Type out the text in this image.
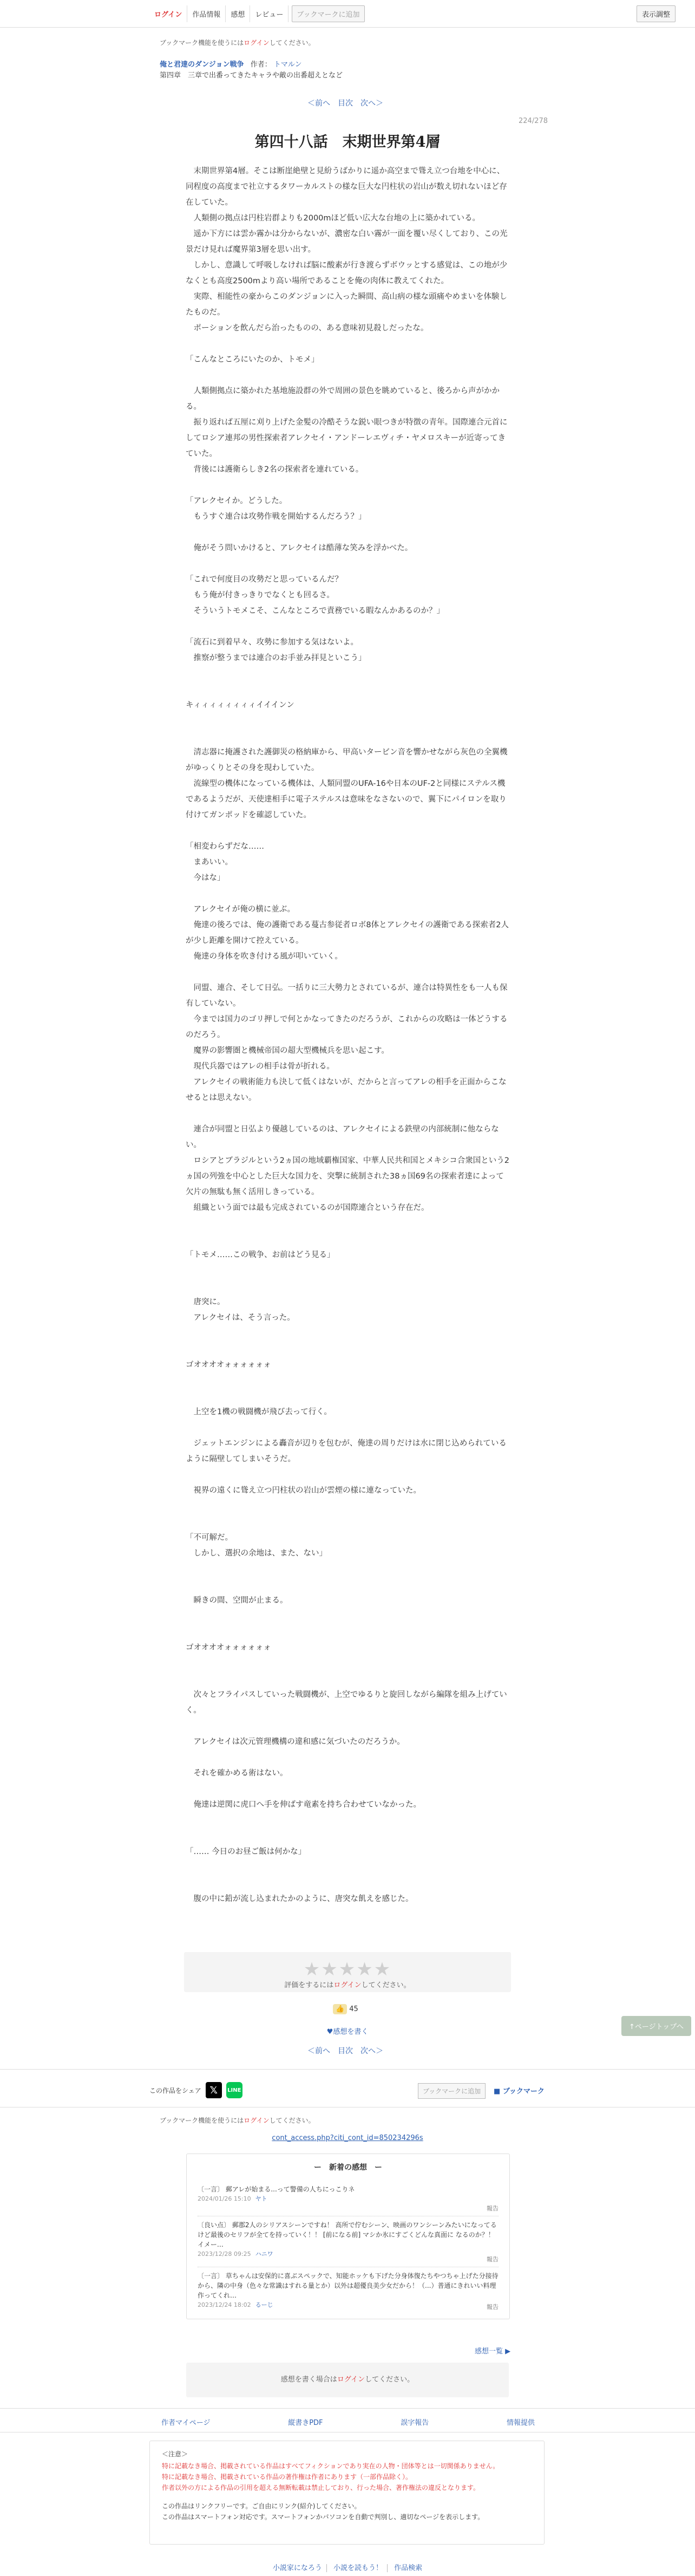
ログイン	作品情報	感想	レビュー	ブックマークに追加	表示調整
ブックマーク機能を使うにはログインしてください。
俺と君達のダンジョン戦争 作者： トマルン
第四章　三章で出番ってきたキャラや敵の出番超えとなど
＜前へ 目次 次へ＞
224/278
第四十八話　末期世界第4層

　末期世界第4層。そこは断崖絶壁と見紛うばかりに遥か高空まで聳え立つ台地を中心に、同程度の高度まで社立するタワーカルストの様な巨大な円柱状の岩山が数え切れないほど存在していた。

　人類側の拠点は円柱岩群よりも2000mほど低い広大な台地の上に築かれている。

　遥か下方には雲か霧かは分からないが、濃密な白い霧が一面を覆い尽くしており、この光景だけ見れば魔界第3層を思い出す。

　しかし、意識して呼吸しなければ脳に酸素が行き渡らずボウッとする感覚は、この地が少なくとも高度2500mより高い場所であることを俺の肉体に教えてくれた。

　実際、相能性の豪からこのダンジョンに入った瞬間、高山病の様な頭痛やめまいを体験したものだ。

　ポーションを飲んだら治ったものの、ある意味初見殺しだったな。

「こんなところにいたのか、トモメ」

　人類側拠点に築かれた基地施設群の外で周囲の景色を眺めていると、後ろから声がかかる。

　振り返れば五厘に刈り上げた金髪の冷酷そうな鋭い眼つきが特徴の青年。国際連合元首にしてロシア連邦の男性探索者アレクセイ・アンドーレエヴィチ・ヤメロスキーが近寄ってきていた。

　背後には護衛らしき2名の探索者を連れている。

「アレクセイか。どうした。

　もうすぐ連合は攻勢作戦を開始するんだろう？」

　俺がそう問いかけると、アレクセイは酷薄な笑みを浮かべた。

「これで何度目の攻勢だと思っているんだ？

　もう俺が付きっきりでなくとも回るさ。

　そういうトモメこそ、こんなところで責務でいる暇なんかあるのか？」

「流石に到着早々、攻勢に参加する気はないよ。

　推察が整うまでは連合のお手並み拝見といこう」

キィィィィィィィィイイインン

　清志器に掩護された護御災の格納庫から、甲高いタービン音を響かせながら灰色の全翼機がゆっくりとその身を現わしていた。

　流線型の機体になっている機体は、人類同盟のUFA-16や日本のUF-2と同様にステルス機であるようだが、天使達相手に電子ステルスは意味をなさないので、翼下にパイロンを取り付けてガンポッドを確認していた。

「相変わらずだな……

　まあいい。

　今はな」

　アレクセイが俺の横に並ぶ。

　俺達の後ろでは、俺の護衛である蔓古参従者ロボ8体とアレクセイの護衛である探索者2人が少し距離を開けて控えている。

　俺達の身体を吹き付ける風が叩いていく。

　同盟、連合、そして日弘。一括りに三大勢力とされているが、連合は特異性をも一人も保有していない。

　今までは国力のゴリ押しで何とかなってきたのだろうが、これからの攻略は一体どうするのだろう。

　魔界の影響圏と機械帝国の超大型機械兵を思い起こす。

　現代兵器ではアレの相手は骨が折れる。

　アレクセイの戦術能力も決して低くはないが、だからと言ってアレの相手を正面からこなせるとは思えない。

　連合が同盟と日弘より優越しているのは、アレクセイによる鉄壁の内部統制に他ならない。

　ロシアとブラジルという2ヵ国の地域覇権国家、中華人民共和国とメキシコ合衆国という2ヵ国の列強を中心とした巨大な国力を、突撃に統制された38ヵ国69名の探索者達によって欠片の無駄も無く活用しきっている。

　組織という面では最も完成されているのが国際連合という存在だ。

「トモメ……この戦争、お前はどう見る」

　唐突に。

　アレクセイは、そう言った。

ゴオオオオォォォォォォ

　上空を1機の戦闘機が飛び去って行く。

　ジェットエンジンによる轟音が辺りを包むが、俺達の周りだけは水に閉じ込められているように隔壁してしまいそうだ。

　視界の遠くに聳え立つ円柱状の岩山が雲煙の様に連なっていた。

「不可解だ。

　しかし、選択の余地は、また、ない」

　瞬きの間、空間が止まる。

ゴオオオオォォォォォォ

　次々とフライパスしていった戦闘機が、上空でゆるりと旋回しながら編隊を組み上げていく。

　アレクセイは次元管理機構の違和感に気づいたのだろうか。

　それを確かめる術はない。

　俺達は逆関に虎口へ手を伸ばす竜素を持ち合わせていなかった。

「…… 今日のお昼ご飯は何かな」

　腹の中に鉛が流し込まれたかのように、唐突な飢えを感じた。

★★★★★
評価をするにはログインしてください。
👍 45
♥感想を書く
↑ページトップへ
＜前へ 目次 次へ＞
この作品をシェア 𝕏	LINE	ブックマークに追加	■ ブックマーク
ブックマーク機能を使うにはログインしてください。
cont_access.php?citi_cont_id=850234296s
ー　新着の感想　ー
〔一言〕 郵アレが始まる...って警備の人ちにっこりネ
2024/01/26 15:10 ヤト
報告
〔良い点〕 郵郡2人のシリアスシーンですね！ 高所で佇むシーン、映画のワンシーンみたいになってるけど最後のセリフが全てを持っていく！！ [前になる前] マシか氷にすごくどんな真面に なるのか？！ イメー…
2023/12/28 09:25 ハニワ
報告
〔一言〕 草ちゃんは安保的に喜ぶスペックで、知能ホッケも下げた分身体復たちやつちゃ上げた分接待から、隣の中身（色々な常識はすれる量とか）以外は超優良美少女だから！（...）普通にきれいい料理作ってくれ…
2023/12/24 18:02 るーじ	報告
感想一覧 ▶
感想を書く場合はログインしてください。
作者マイページ	縦書きPDF	誤字報告	情報提供
＜注意＞
特に記載なき場合、掲載されている作品はすべてフィクションであり実在の人物・団体等とは一切関係ありません。
特に記載なき場合、掲載されている作品の著作権は作者にあります（一部作品除く）。
作者以外の方による作品の引用を超える無断転載は禁止しており、行った場合、著作権法の違反となります。
この作品はリンクフリーです。ご自由にリンク(紹介)してください。
この作品はスマートフォン対応です。スマートフォンかパソコンを自動で判別し、適切なページを表示します。
小説家になろう 小説を読もう！ 作品検索
